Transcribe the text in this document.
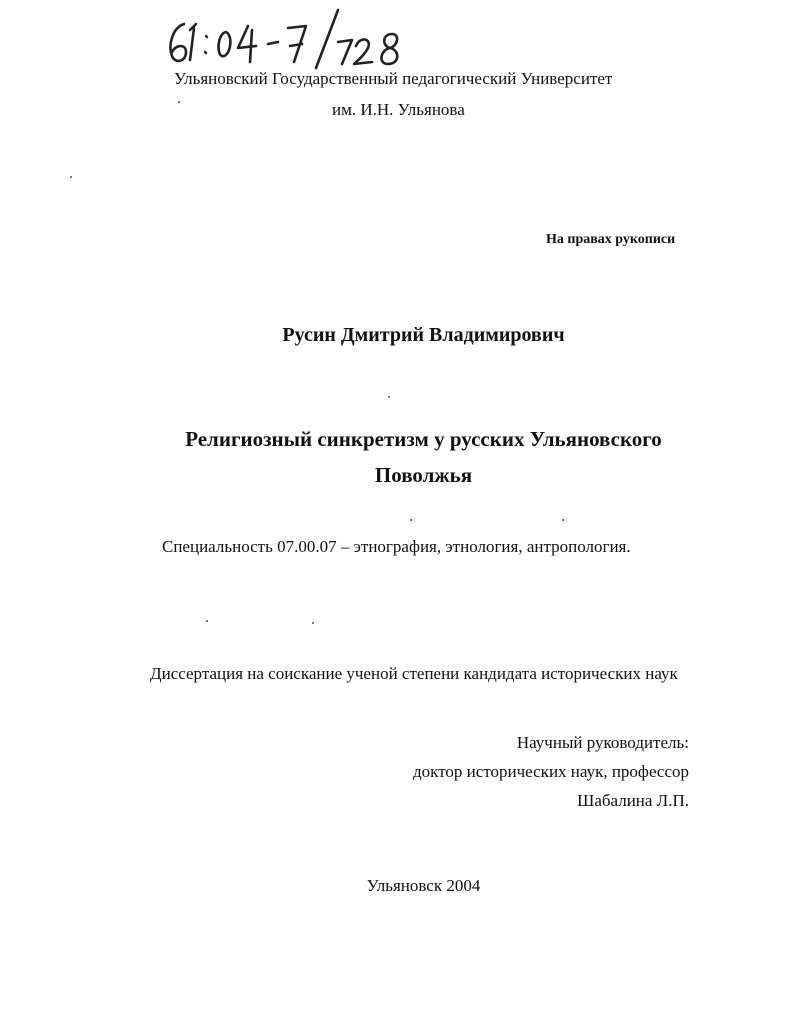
Ульяновский Государственный педагогический Университет
им. И.Н. Ульянова
На правах рукописи
Русин Дмитрий Владимирович
Религиозный синкретизм у русских Ульяновского
Поволжья
Специальность 07.00.07 – этнография, этнология, антропология.
Диссертация на соискание ученой степени кандидата исторических наук
Научный руководитель:
доктор исторических наук, профессор
Шабалина Л.П.
Ульяновск 2004
